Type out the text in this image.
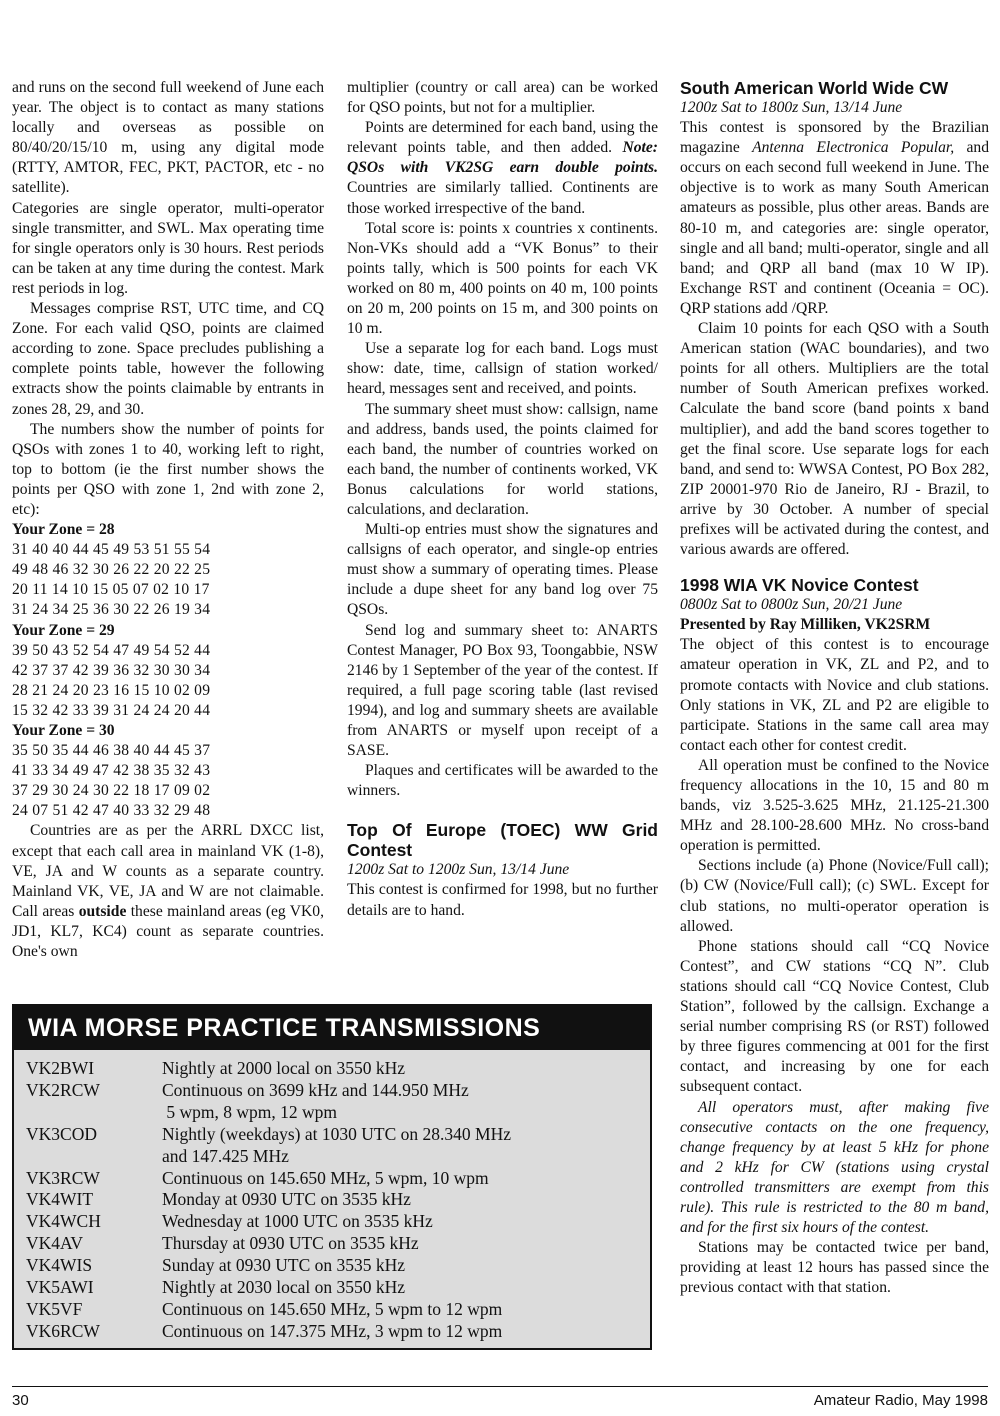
and runs on the second full weekend of June each year. The object is to contact as many stations locally and overseas as possible on 80/40/20/15/10 m, using any digital mode (RTTY, AMTOR, FEC, PKT, PACTOR, etc - no satellite).

Categories are single operator, multi-operator single transmitter, and SWL. Max operating time for single operators only is 30 hours. Rest periods can be taken at any time during the contest. Mark rest periods in log.

Messages comprise RST, UTC time, and CQ Zone. For each valid QSO, points are claimed according to zone. Space precludes publishing a complete points table, however the following extracts show the points claimable by entrants in zones 28, 29, and 30.

The numbers show the number of points for QSOs with zones 1 to 40, working left to right, top to bottom (ie the first number shows the points per QSO with zone 1, 2nd with zone 2, etc):

Your Zone = 28

31 40 40 44 45 49 53 51 55 54

49 48 46 32 30 26 22 20 22 25

20 11 14 10 15 05 07 02 10 17

31 24 34 25 36 30 22 26 19 34

Your Zone = 29

39 50 43 52 54 47 49 54 52 44

42 37 37 42 39 36 32 30 30 34

28 21 24 20 23 16 15 10 02 09

15 32 42 33 39 31 24 24 20 44

Your Zone = 30

35 50 35 44 46 38 40 44 45 37

41 33 34 49 47 42 38 35 32 43

37 29 30 24 30 22 18 17 09 02

24 07 51 42 47 40 33 32 29 48

Countries are as per the ARRL DXCC list, except that each call area in mainland VK (1-8), VE, JA and W counts as a separate country. Mainland VK, VE, JA and W are not claimable. Call areas outside these mainland areas (eg VK0, JD1, KL7, KC4) count as separate countries. One's own

multiplier (country or call area) can be worked for QSO points, but not for a multiplier.

Points are determined for each band, using the relevant points table, and then added. Note: QSOs with VK2SG earn double points. Countries are similarly tallied. Continents are those worked irrespective of the band.

Total score is: points x countries x continents. Non-VKs should add a “VK Bonus” to their points tally, which is 500 points for each VK worked on 80 m, 400 points on 40 m, 100 points on 20 m, 200 points on 15 m, and 300 points on 10 m.

Use a separate log for each band. Logs must show: date, time, callsign of station worked/ heard, messages sent and received, and points.

The summary sheet must show: callsign, name and address, bands used, the points claimed for each band, the number of countries worked on each band, the number of continents worked, VK Bonus calculations for world stations, calculations, and declaration.

Multi-op entries must show the signatures and callsigns of each operator, and single-op entries must show a summary of operating times. Please include a dupe sheet for any band log over 75 QSOs.

Send log and summary sheet to: ANARTS Contest Manager, PO Box 93, Toongabbie, NSW 2146 by 1 September of the year of the contest. If required, a full page scoring table (last revised 1994), and log and summary sheets are available from ANARTS or myself upon receipt of a SASE.

Plaques and certificates will be awarded to the winners.

Top Of Europe (TOEC) WW Grid Contest

1200z Sat to 1200z Sun, 13/14 June

This contest is confirmed for 1998, but no further details are to hand.

South American World Wide CW

1200z Sat to 1800z Sun, 13/14 June

This contest is sponsored by the Brazilian magazine Antenna Electronica Popular, and occurs on each second full weekend in June. The objective is to work as many South American amateurs as possible, plus other areas. Bands are 80-10 m, and categories are: single operator, single and all band; multi-operator, single and all band; and QRP all band (max 10 W IP). Exchange RST and continent (Oceania = OC). QRP stations add /QRP.

Claim 10 points for each QSO with a South American station (WAC boundaries), and two points for all others. Multipliers are the total number of South American prefixes worked. Calculate the band score (band points x band multiplier), and add the band scores together to get the final score. Use separate logs for each band, and send to: WWSA Contest, PO Box 282, ZIP 20001-970 Rio de Janeiro, RJ - Brazil, to arrive by 30 October. A number of special prefixes will be activated during the contest, and various awards are offered.

1998 WIA VK Novice Contest

0800z Sat to 0800z Sun, 20/21 June

Presented by Ray Milliken, VK2SRM

The object of this contest is to encourage amateur operation in VK, ZL and P2, and to promote contacts with Novice and club stations. Only stations in VK, ZL and P2 are eligible to participate. Stations in the same call area may contact each other for contest credit.

All operation must be confined to the Novice frequency allocations in the 10, 15 and 80 m bands, viz 3.525-3.625 MHz, 21.125-21.300 MHz and 28.100-28.600 MHz. No cross-band operation is permitted.

Sections include (a) Phone (Novice/Full call); (b) CW (Novice/Full call); (c) SWL. Except for club stations, no multi-operator operation is allowed.

Phone stations should call “CQ Novice Contest”, and CW stations “CQ N”. Club stations should call “CQ Novice Contest, Club Station”, followed by the callsign. Exchange a serial number comprising RS (or RST) followed by three figures commencing at 001 for the first contact, and increasing by one for each subsequent contact.

All operators must, after making five consecutive contacts on the one frequency, change frequency by at least 5 kHz for phone and 2 kHz for CW (stations using crystal controlled transmitters are exempt from this rule). This rule is restricted to the 80 m band, and for the first six hours of the contest.

Stations may be contacted twice per band, providing at least 12 hours has passed since the previous contact with that station.

WIA MORSE PRACTICE TRANSMISSIONS
VK2BWI	Nightly at 2000 local on 3550 kHz
VK2RCW	Continuous on 3699 kHz and 144.950 MHz
5 wpm, 8 wpm, 12 wpm
VK3COD	Nightly (weekdays) at 1030 UTC on 28.340 MHz
and 147.425 MHz
VK3RCW	Continuous on 145.650 MHz, 5 wpm, 10 wpm
VK4WIT	Monday at 0930 UTC on 3535 kHz
VK4WCH	Wednesday at 1000 UTC on 3535 kHz
VK4AV	Thursday at 0930 UTC on 3535 kHz
VK4WIS	Sunday at 0930 UTC on 3535 kHz
VK5AWI	Nightly at 2030 local on 3550 kHz
VK5VF	Continuous on 145.650 MHz, 5 wpm to 12 wpm
VK6RCW	Continuous on 147.375 MHz, 3 wpm to 12 wpm
30	Amateur Radio, May 1998
